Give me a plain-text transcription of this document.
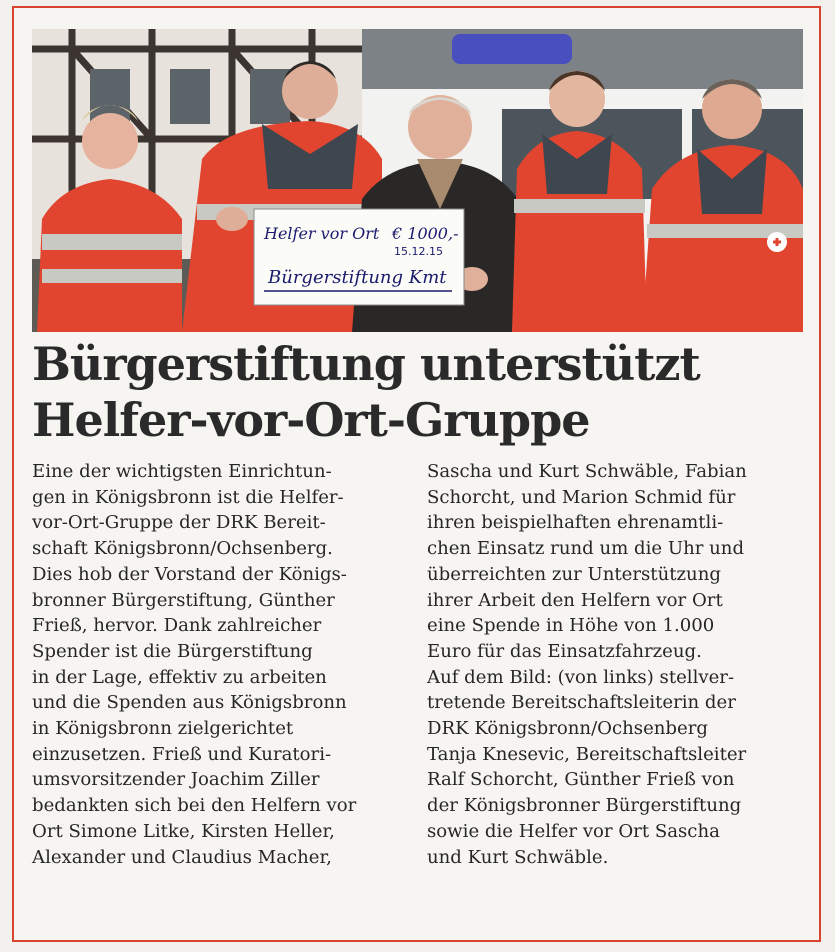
Helfer vor Ort € 1000,-
15.12.15
Bürgerstiftung Kmt
Bürgerstiftung unterstützt
Helfer-vor-Ort-Gruppe

Eine der wichtigsten Einrichtun-
gen in Königsbronn ist die Helfer-
vor-Ort-Gruppe der DRK Bereit-
schaft Königsbronn/Ochsenberg.
Dies hob der Vorstand der Königs-
bronner Bürgerstiftung, Günther
Frieß, hervor. Dank zahlreicher
Spender ist die Bürgerstiftung
in der Lage, effektiv zu arbeiten
und die Spenden aus Königsbronn
in Königsbronn zielgerichtet
einzusetzen. Frieß und Kuratori-
umsvorsitzender Joachim Ziller
bedankten sich bei den Helfern vor
Ort Simone Litke, Kirsten Heller,
Alexander und Claudius Macher,

Sascha und Kurt Schwäble, Fabian
Schorcht, und Marion Schmid für
ihren beispielhaften ehrenamtli-
chen Einsatz rund um die Uhr und
überreichten zur Unterstützung
ihrer Arbeit den Helfern vor Ort
eine Spende in Höhe von 1.000
Euro für das Einsatzfahrzeug.
Auf dem Bild: (von links) stellver-
tretende Bereitschaftsleiterin der
DRK Königsbronn/Ochsenberg
Tanja Knesevic, Bereitschaftsleiter
Ralf Schorcht, Günther Frieß von
der Königsbronner Bürgerstiftung
sowie die Helfer vor Ort Sascha
und Kurt Schwäble.
